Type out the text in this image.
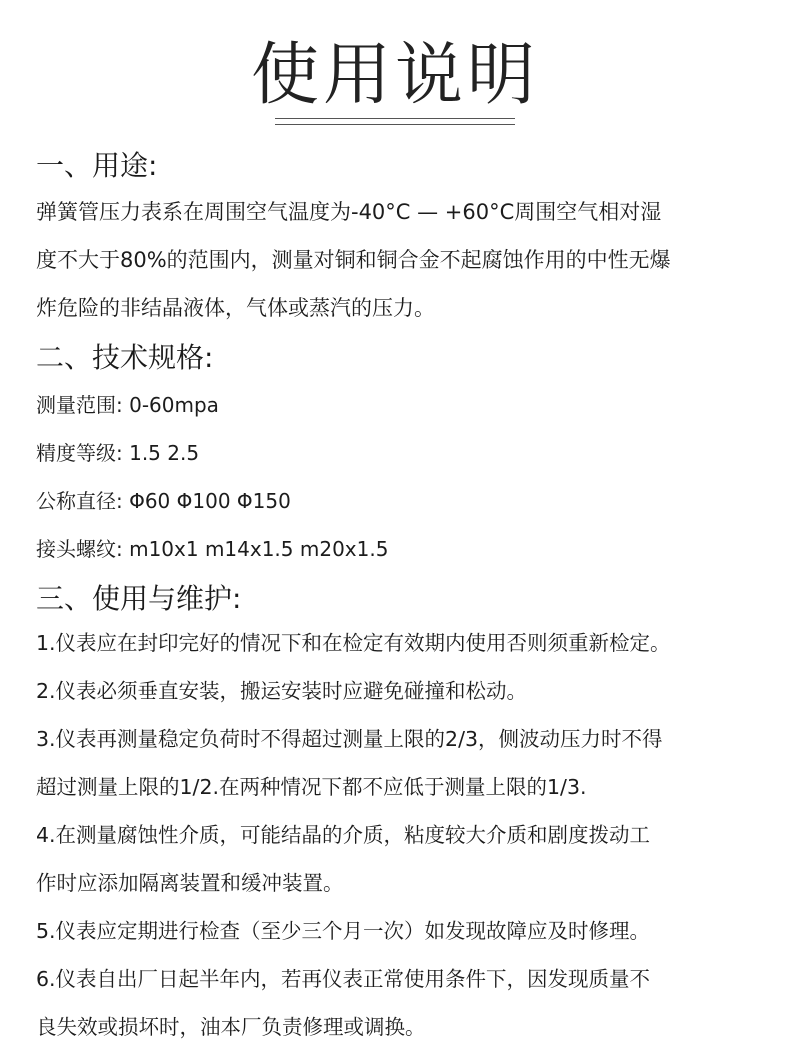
使用说明
一、用途:
弹簧管压力表系在周围空气温度为-40°C — +60°C周围空气相对湿
度不大于80%的范围内，测量对铜和铜合金不起腐蚀作用的中性无爆
炸危险的非结晶液体，气体或蒸汽的压力。
二、技术规格:
测量范围: 0-60mpa
精度等级: 1.5 2.5
公称直径: Φ60 Φ100 Φ150
接头螺纹: m10x1 m14x1.5 m20x1.5
三、使用与维护:
1.仪表应在封印完好的情况下和在检定有效期内使用否则须重新检定。
2.仪表必须垂直安装，搬运安装时应避免碰撞和松动。
3.仪表再测量稳定负荷时不得超过测量上限的2/3，侧波动压力时不得
超过测量上限的1/2.在两种情况下都不应低于测量上限的1/3.
4.在测量腐蚀性介质，可能结晶的介质，粘度较大介质和剧度拨动工
作时应添加隔离装置和缓冲装置。
5.仪表应定期进行检查（至少三个月一次）如发现故障应及时修理。
6.仪表自出厂日起半年内，若再仪表正常使用条件下，因发现质量不
良失效或损坏时，油本厂负责修理或调换。
